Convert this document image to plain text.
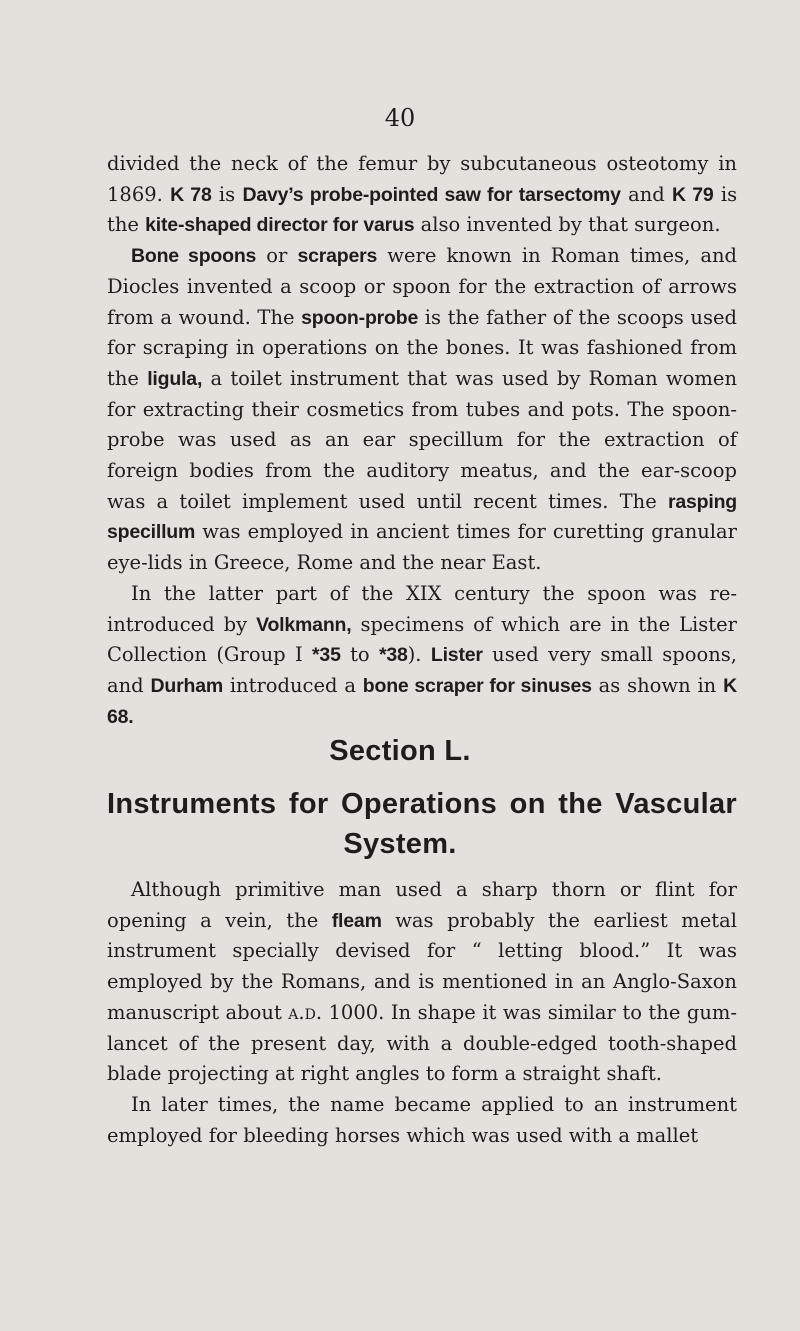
40

divided the neck of the femur by subcutaneous osteotomy in 1869. K 78 is Davy’s probe-pointed saw for tarsectomy and K 79 is the kite-shaped director for varus also invented by that surgeon.

Bone spoons or scrapers were known in Roman times, and Diocles invented a scoop or spoon for the extraction of arrows from a wound. The spoon-probe is the father of the scoops used for scraping in operations on the bones. It was fashioned from the ligula, a toilet instrument that was used by Roman women for extracting their cosmetics from tubes and pots. The spoon-probe was used as an ear specillum for the extraction of foreign bodies from the auditory meatus, and the ear-scoop was a toilet implement used until recent times. The rasping specillum was employed in ancient times for curetting granular eye-lids in Greece, Rome and the near East.

In the latter part of the XIX century the spoon was re-introduced by Volkmann, specimens of which are in the Lister Collection (Group I *35 to *38). Lister used very small spoons, and Durham introduced a bone scraper for sinuses as shown in K 68.

Section L.
Instruments for Operations on the Vascular
System.

Although primitive man used a sharp thorn or flint for opening a vein, the fleam was probably the earliest metal instrument specially devised for “ letting blood.” It was employed by the Romans, and is mentioned in an Anglo-Saxon manuscript about a.d. 1000. In shape it was similar to the gum-lancet of the present day, with a double-edged tooth-shaped blade projecting at right angles to form a straight shaft.

In later times, the name became applied to an instrument employed for bleeding horses which was used with a mallet
